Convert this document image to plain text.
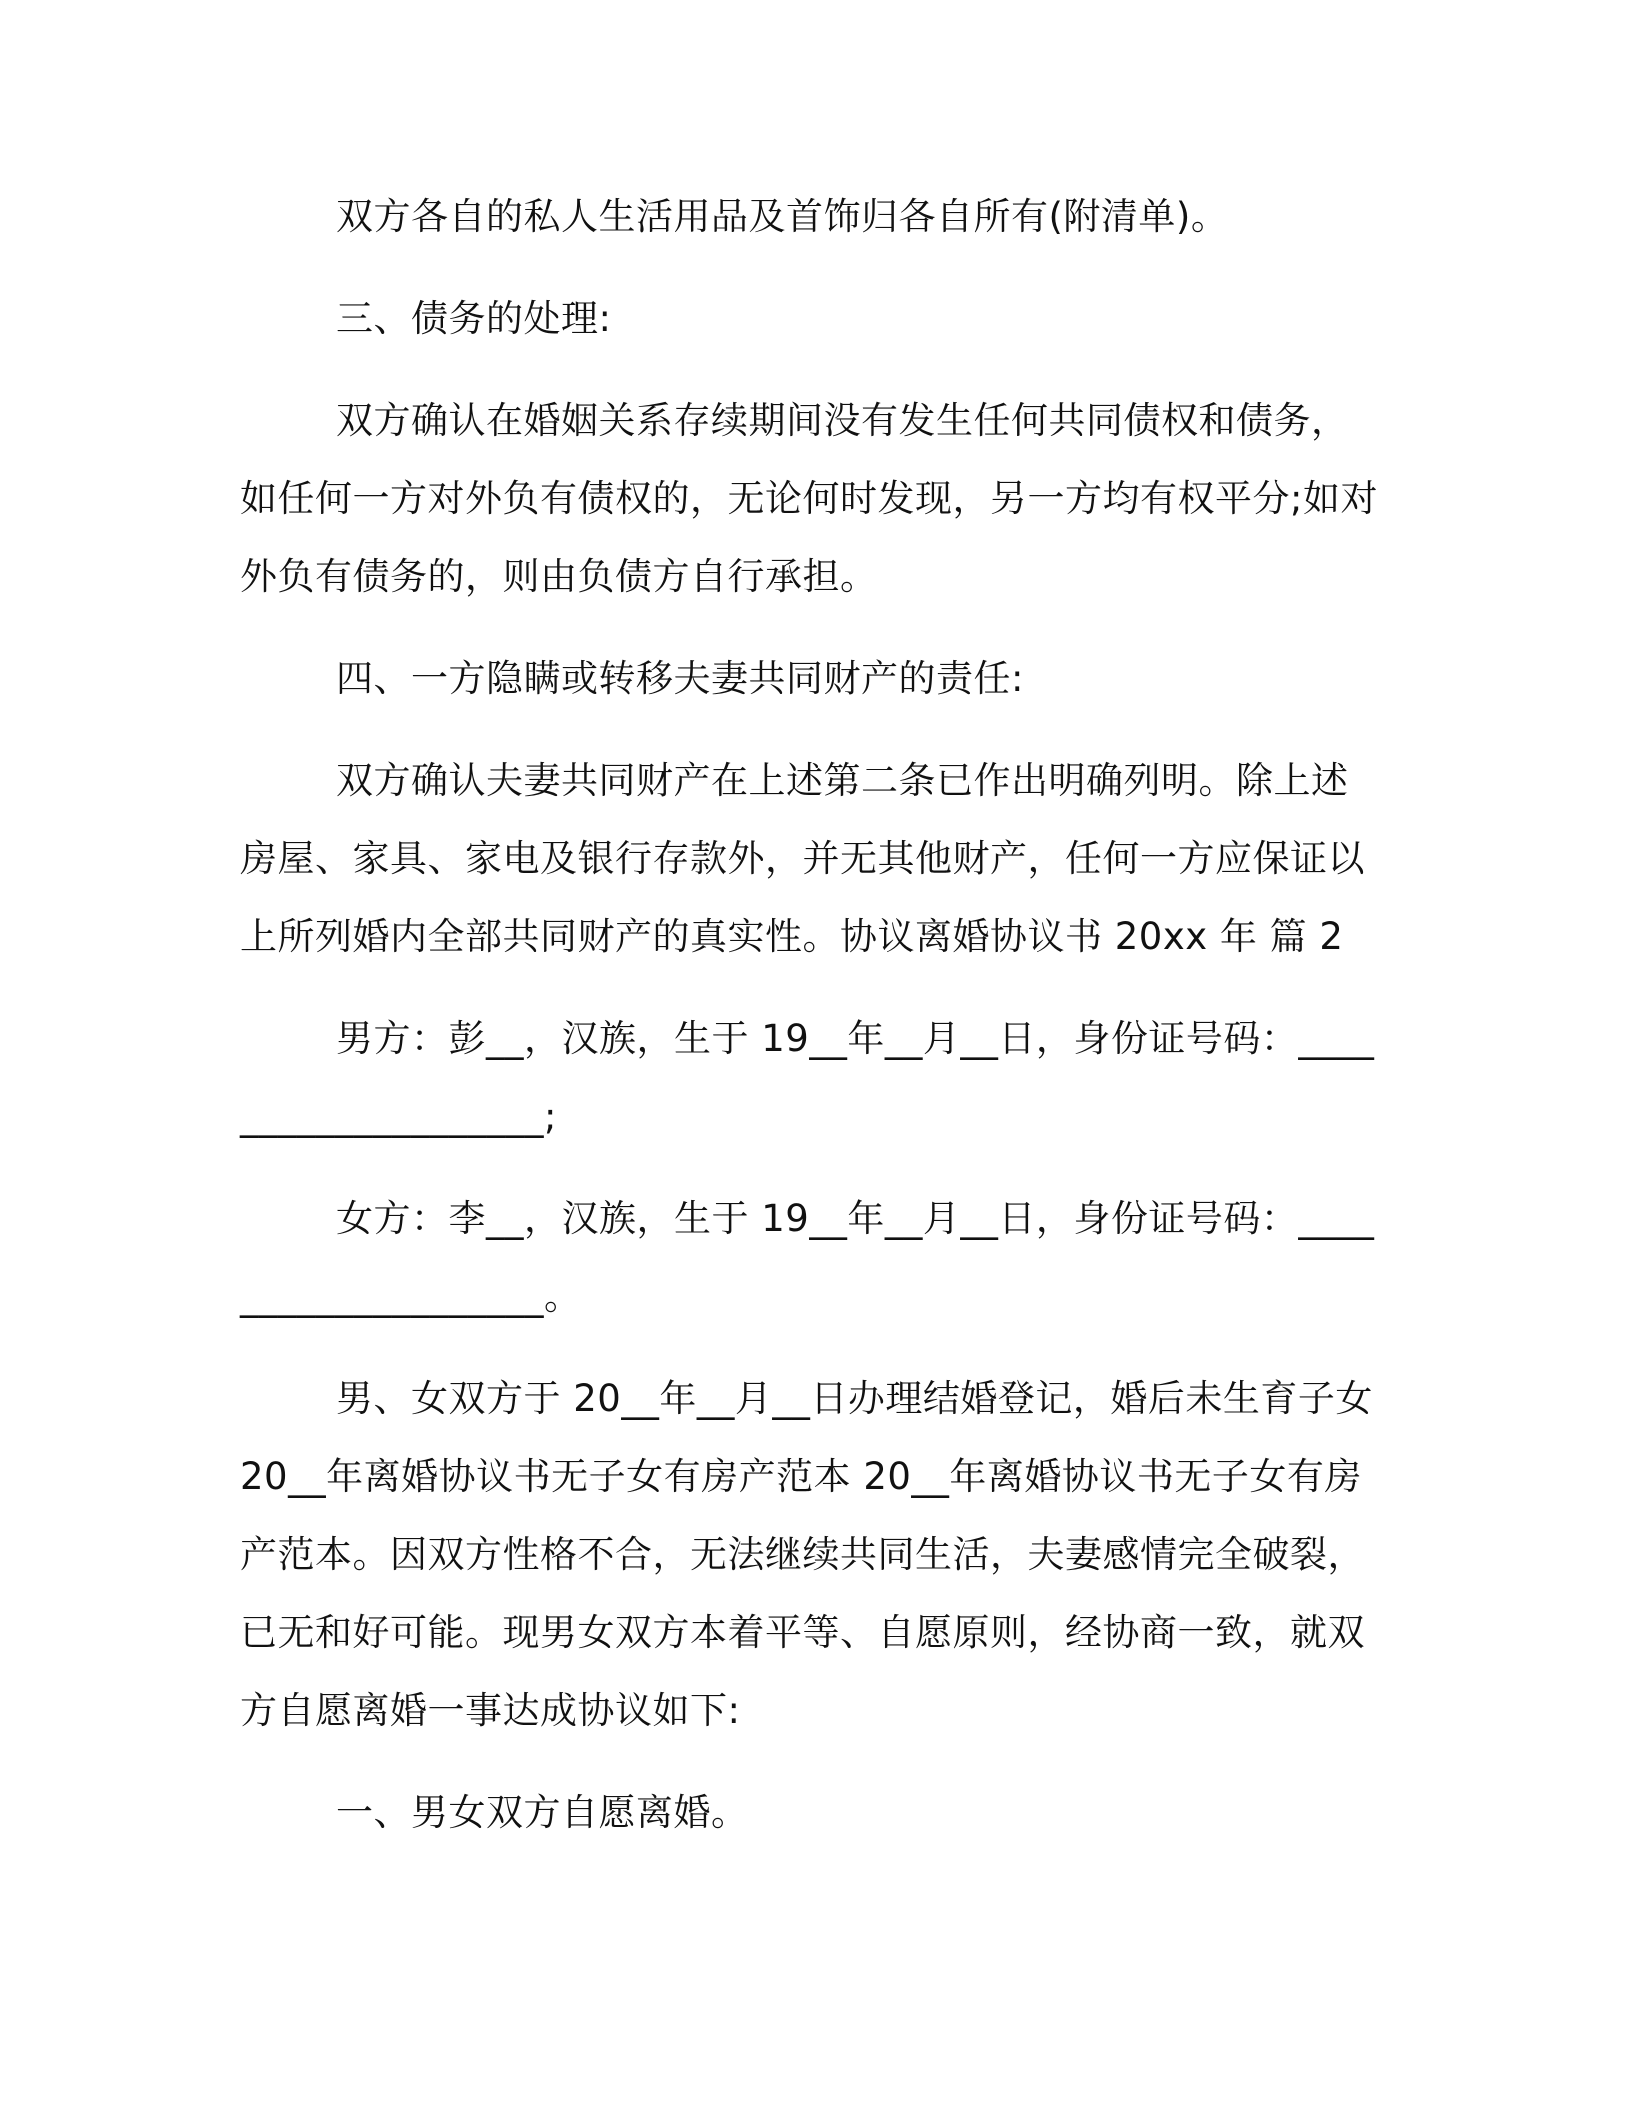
双方各自的私人生活用品及首饰归各自所有(附清单)。

三、债务的处理:

双方确认在婚姻关系存续期间没有发生任何共同债权和债务，如任何一方对外负有债权的，无论何时发现，另一方均有权平分;如对外负有债务的，则由负债方自行承担。

四、一方隐瞒或转移夫妻共同财产的责任:

双方确认夫妻共同财产在上述第二条已作出明确列明。除上述房屋、家具、家电及银行存款外，并无其他财产，任何一方应保证以上所列婚内全部共同财产的真实性。协议离婚协议书 20xx 年 篇 2

男方：彭__，汉族，生于 19__年__月__日，身份证号码：____________________;

女方：李__，汉族，生于 19__年__月__日，身份证号码：____________________。

男、女双方于 20__年__月__日办理结婚登记，婚后未生育子女 20__年离婚协议书无子女有房产范本 20__年离婚协议书无子女有房产范本。因双方性格不合，无法继续共同生活，夫妻感情完全破裂，已无和好可能。现男女双方本着平等、自愿原则，经协商一致，就双方自愿离婚一事达成协议如下:

一、男女双方自愿离婚。
